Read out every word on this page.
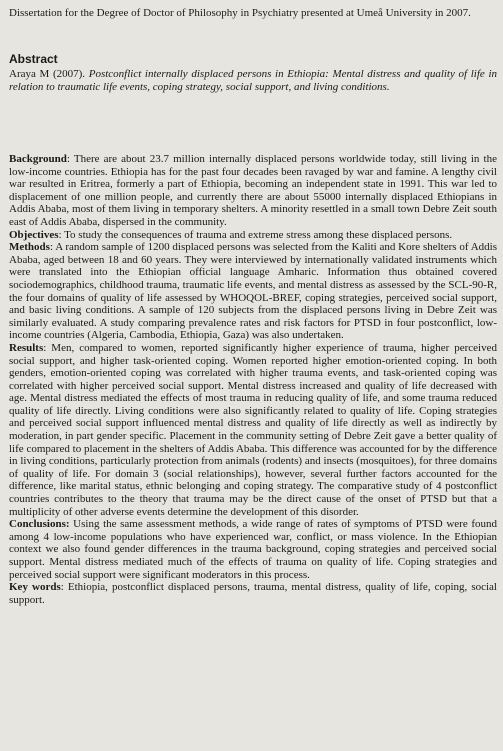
Dissertation for the Degree of Doctor of Philosophy in Psychiatry presented at Umeå University in 2007.

Abstract

Araya M (2007). Postconflict internally displaced persons in Ethiopia: Mental distress and quality of life in relation to traumatic life events, coping strategy, social support, and living conditions.

Background: There are about 23.7 million internally displaced persons worldwide today, still living in the low-income countries. Ethiopia has for the past four decades been ravaged by war and famine. A lengthy civil war resulted in Eritrea, formerly a part of Ethiopia, becoming an independent state in 1991. This war led to displacement of one million people, and currently there are about 55000 internally displaced Ethiopians in Addis Ababa, most of them living in temporary shelters. A minority resettled in a small town Debre Zeit south east of Addis Ababa, dispersed in the community.

Objectives: To study the consequences of trauma and extreme stress among these displaced persons.

Methods: A random sample of 1200 displaced persons was selected from the Kaliti and Kore shelters of Addis Ababa, aged between 18 and 60 years. They were interviewed by internationally validated instruments which were translated into the Ethiopian official language Amharic. Information thus obtained covered sociodemographics, childhood trauma, traumatic life events, and mental distress as assessed by the SCL-90-R, the four domains of quality of life assessed by WHOQOL-BREF, coping strategies, perceived social support, and basic living conditions. A sample of 120 subjects from the displaced persons living in Debre Zeit was similarly evaluated. A study comparing prevalence rates and risk factors for PTSD in four postconflict, low-income countries (Algeria, Cambodia, Ethiopia, Gaza) was also undertaken.

Results: Men, compared to women, reported significantly higher experience of trauma, higher perceived social support, and higher task-oriented coping. Women reported higher emotion-oriented coping. In both genders, emotion-oriented coping was correlated with higher trauma events, and task-oriented coping was correlated with higher perceived social support. Mental distress increased and quality of life decreased with age. Mental distress mediated the effects of most trauma in reducing quality of life, and some trauma reduced quality of life directly. Living conditions were also significantly related to quality of life. Coping strategies and perceived social support influenced mental distress and quality of life directly as well as indirectly by moderation, in part gender specific. Placement in the community setting of Debre Zeit gave a better quality of life compared to placement in the shelters of Addis Ababa. This difference was accounted for by the difference in living conditions, particularly protection from animals (rodents) and insects (mosquitoes), for three domains of quality of life. For domain 3 (social relationships), however, several further factors accounted for the difference, like marital status, ethnic belonging and coping strategy. The comparative study of 4 postconflict countries contributes to the theory that trauma may be the direct cause of the onset of PTSD but that a multiplicity of other adverse events determine the development of this disorder.

Conclusions: Using the same assessment methods, a wide range of rates of symptoms of PTSD were found among 4 low-income populations who have experienced war, conflict, or mass violence. In the Ethiopian context we also found gender differences in the trauma background, coping strategies and perceived social support. Mental distress mediated much of the effects of trauma on quality of life. Coping strategies and perceived social support were significant moderators in this process.

Key words: Ethiopia, postconflict displaced persons, trauma, mental distress, quality of life, coping, social support.
